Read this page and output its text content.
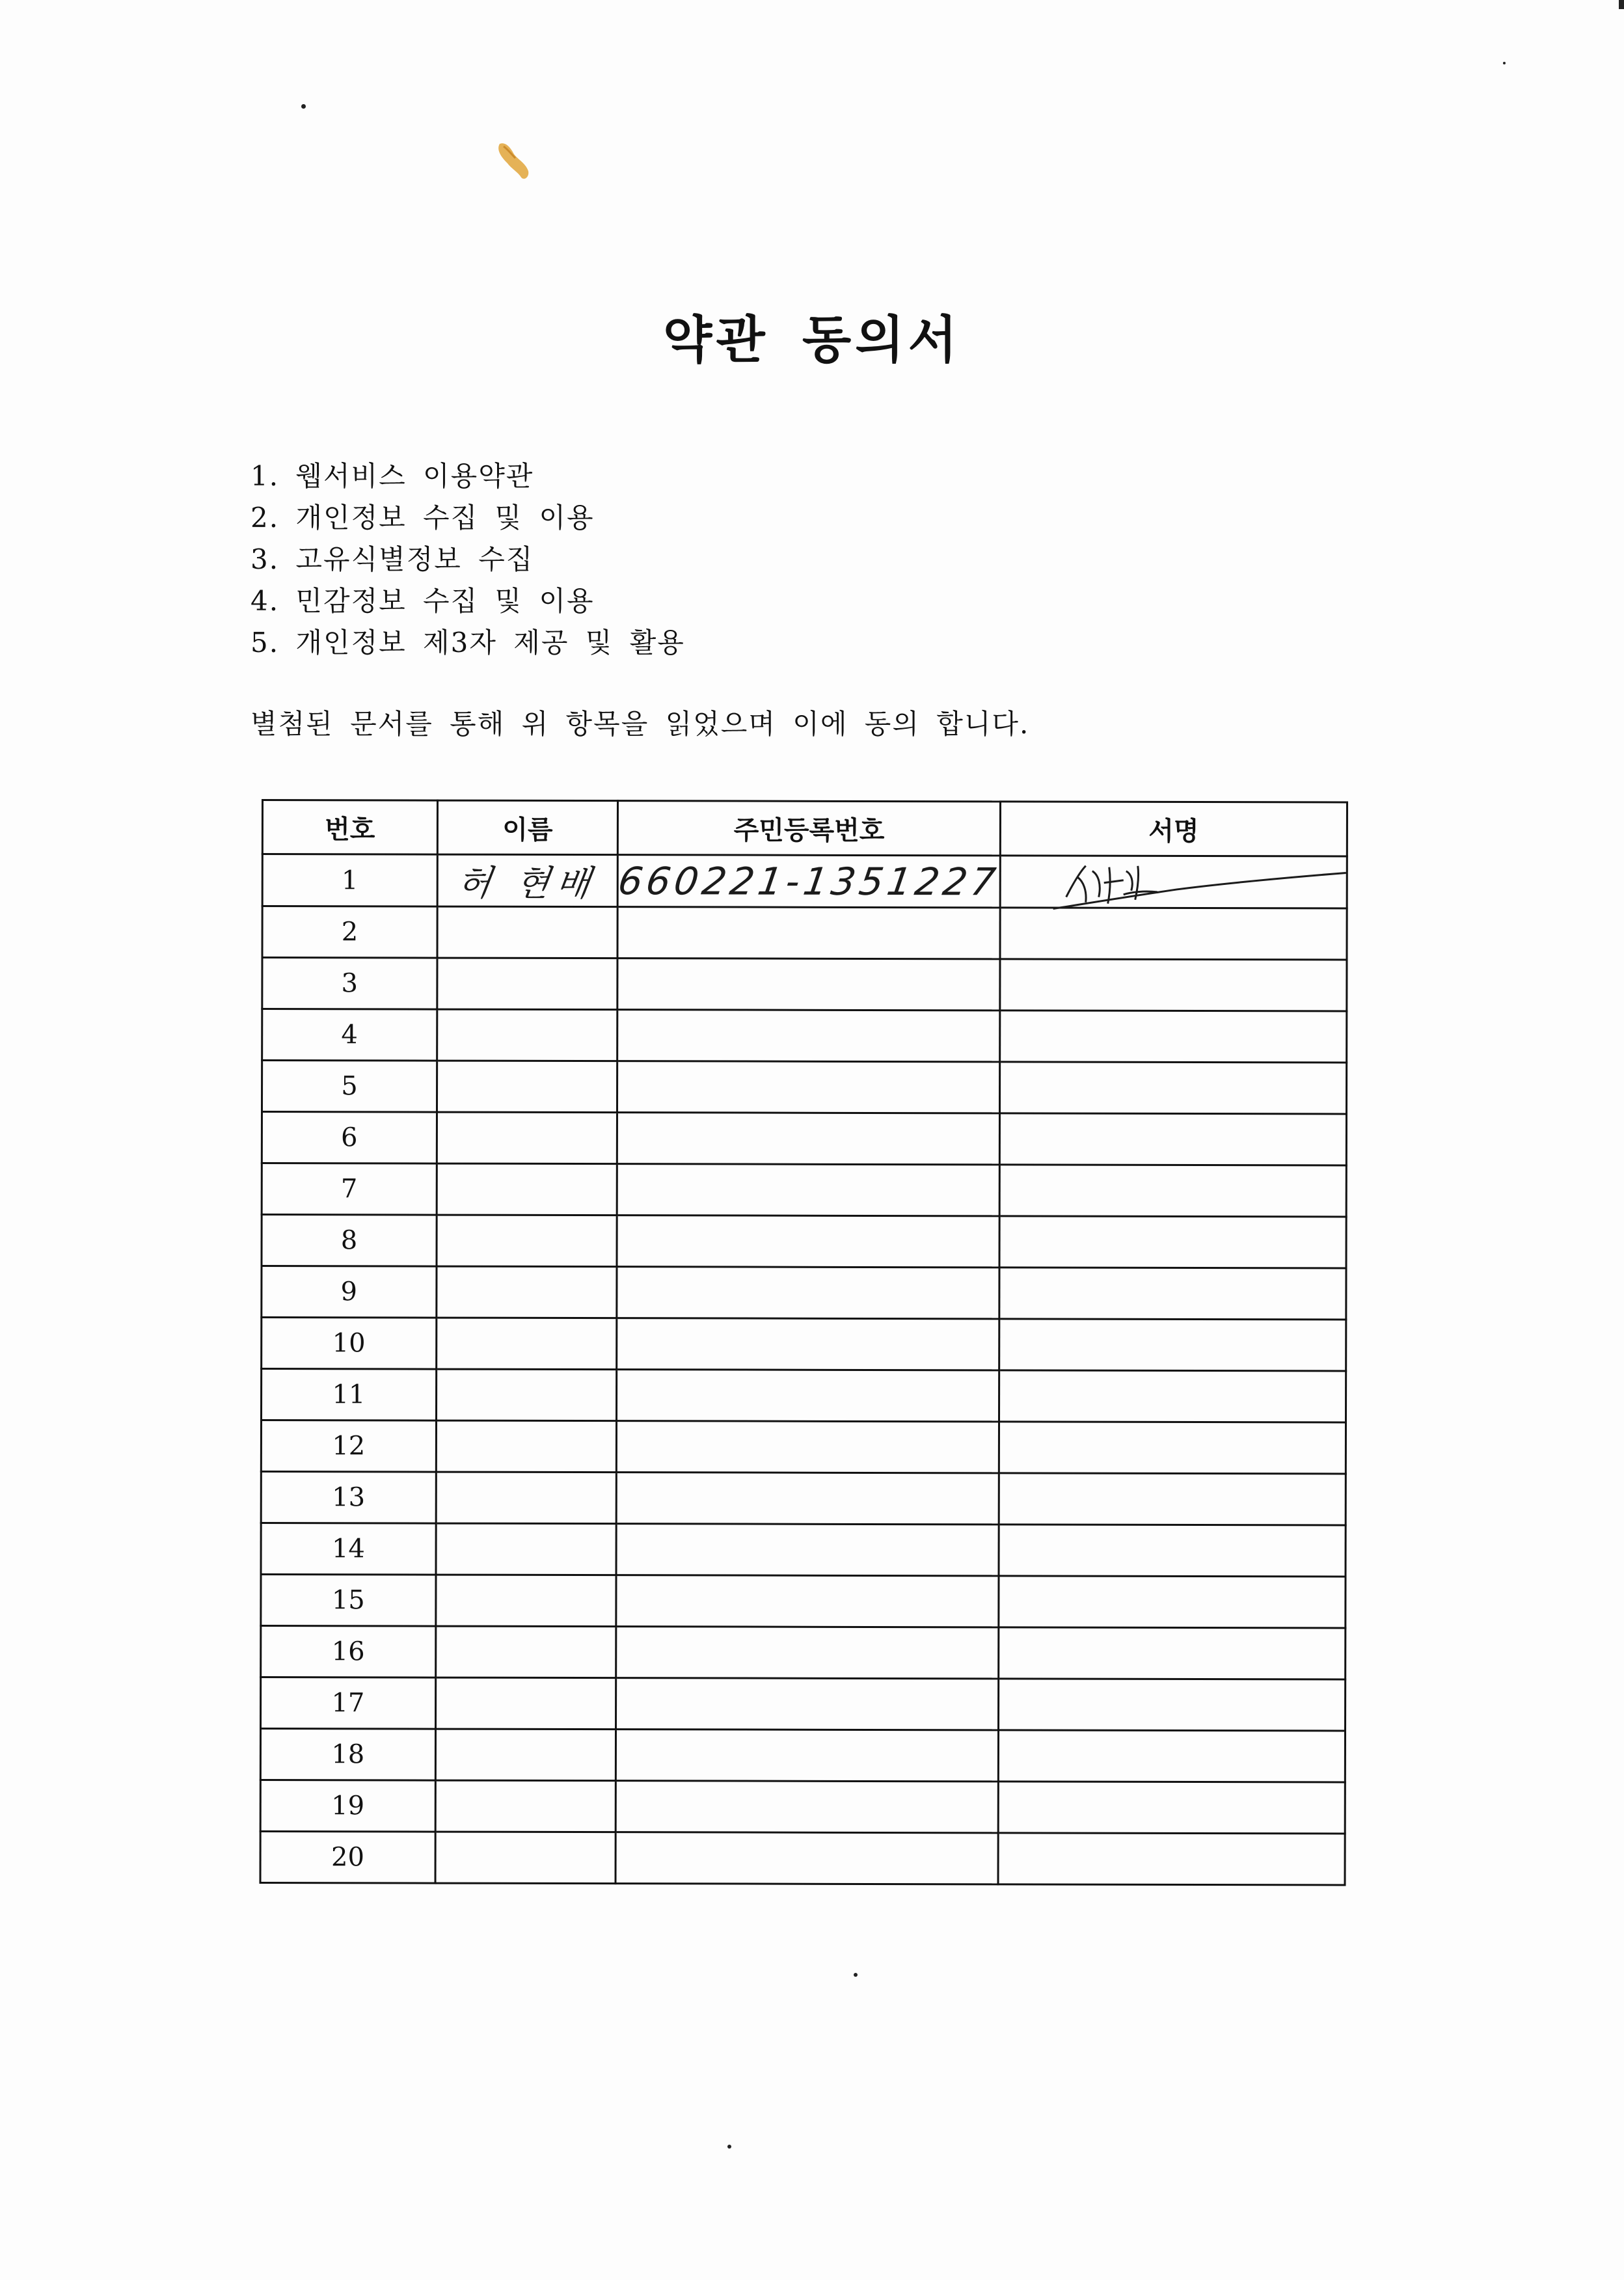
약관 동의서
1. 웹서비스 이용약관
2. 개인정보 수집 및 이용
3. 고유식별정보 수집
4. 민감정보 수집 및 이용
5. 개인정보 제3자 제공 및 활용
별첨된 문서를 통해 위 항목을 읽었으며 이에 동의 합니다.
번호	이름	주민등록번호	서명
1	허 현배	660221-1351227	

2			
3			
4			
5			
6			
7			
8			
9			
10			
11			
12			
13			
14			
15			
16			
17			
18			
19			
20			
